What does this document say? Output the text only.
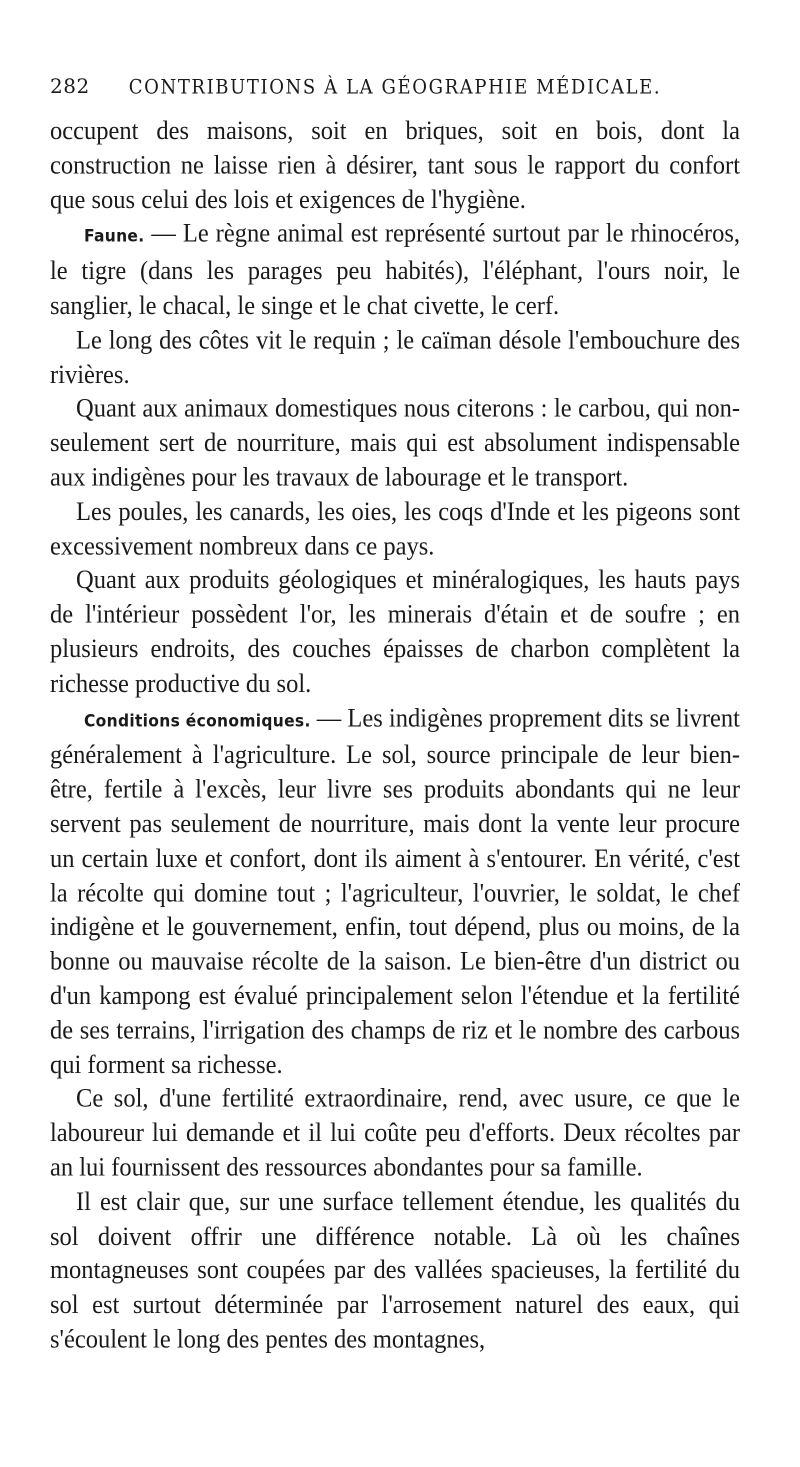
282	CONTRIBUTIONS À LA GÉOGRAPHIE MÉDICALE.

occupent des maisons, soit en briques, soit en bois, dont la construction ne laisse rien à désirer, tant sous le rapport du confort que sous celui des lois et exigences de l'hygiène.

Faune. — Le règne animal est représenté surtout par le rhinocéros, le tigre (dans les parages peu habités), l'éléphant, l'ours noir, le sanglier, le chacal, le singe et le chat civette, le cerf.

Le long des côtes vit le requin ; le caïman désole l'embouchure des rivières.

Quant aux animaux domestiques nous citerons : le carbou, qui non-seulement sert de nourriture, mais qui est absolument indispensable aux indigènes pour les travaux de labourage et le transport.

Les poules, les canards, les oies, les coqs d'Inde et les pigeons sont excessivement nombreux dans ce pays.

Quant aux produits géologiques et minéralogiques, les hauts pays de l'intérieur possèdent l'or, les minerais d'étain et de soufre ; en plusieurs endroits, des couches épaisses de charbon complètent la richesse productive du sol.

Conditions économiques. — Les indigènes proprement dits se livrent généralement à l'agriculture. Le sol, source principale de leur bien-être, fertile à l'excès, leur livre ses produits abondants qui ne leur servent pas seulement de nourriture, mais dont la vente leur procure un certain luxe et confort, dont ils aiment à s'entourer. En vérité, c'est la récolte qui domine tout ; l'agriculteur, l'ouvrier, le soldat, le chef indigène et le gouvernement, enfin, tout dépend, plus ou moins, de la bonne ou mauvaise récolte de la saison. Le bien-être d'un district ou d'un kampong est évalué principalement selon l'étendue et la fertilité de ses terrains, l'irrigation des champs de riz et le nombre des carbous qui forment sa richesse.

Ce sol, d'une fertilité extraordinaire, rend, avec usure, ce que le laboureur lui demande et il lui coûte peu d'efforts. Deux récoltes par an lui fournissent des ressources abondantes pour sa famille.

Il est clair que, sur une surface tellement étendue, les qualités du sol doivent offrir une différence notable. Là où les chaînes montagneuses sont coupées par des vallées spacieuses, la fertilité du sol est surtout déterminée par l'arrosement naturel des eaux, qui s'écoulent le long des pentes des montagnes,
